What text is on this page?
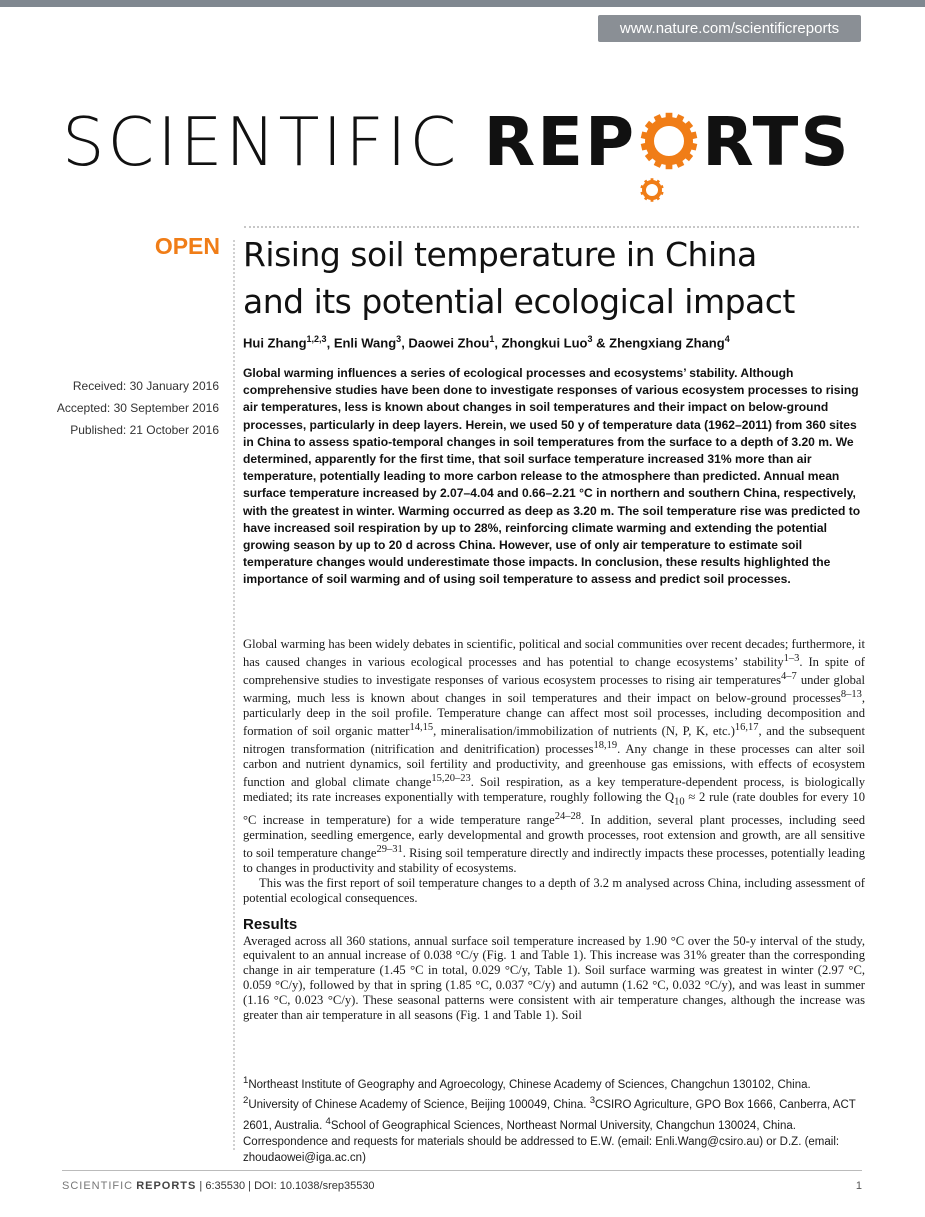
www.nature.com/scientificreports
SCIENTIFIC REP RTS
OPEN Rising soil temperature in China
and its potential ecological impact
Hui Zhang$^{1,2,3}$, Enli Wang$^3$, Daowei Zhou$^1$, Zhongkui Luo$^3$ & Zhengxiang Zhang$^4$
Received: 30 January 2016
Accepted: 30 September 2016
Published: 21 October 2016
Global warming influences a series of ecological processes and ecosystems’ stability. Although comprehensive studies have been done to investigate responses of various ecosystem processes to rising air temperatures, less is known about changes in soil temperatures and their impact on below-ground processes, particularly in deep layers. Herein, we used 50 y of temperature data (1962–2011) from 360 sites in China to assess spatio-temporal changes in soil temperatures from the surface to a depth of 3.20 m. We determined, apparently for the first time, that soil surface temperature increased 31% more than air temperature, potentially leading to more carbon release to the atmosphere than predicted. Annual mean surface temperature increased by 2.07–4.04 and 0.66–2.21 °C in northern and southern China, respectively, with the greatest in winter. Warming occurred as deep as 3.20 m. The soil temperature rise was predicted to have increased soil respiration by up to 28%, reinforcing climate warming and extending the potential growing season by up to 20 d across China. However, use of only air temperature to estimate soil temperature changes would underestimate those impacts. In conclusion, these results highlighted the importance of soil warming and of using soil temperature to assess and predict soil processes.

Global warming has been widely debates in scientific, political and social communities over recent decades; furthermore, it has caused changes in various ecological processes and has potential to change ecosystems’ stability$^{1-3}$. In spite of comprehensive studies to investigate responses of various ecosystem processes to rising air temperatures$^{4-7}$ under global warming, much less is known about changes in soil temperatures and their impact on below-ground processes$^{8-13}$, particularly deep in the soil profile. Temperature change can affect most soil processes, including decomposition and formation of soil organic matter$^{14,15}$, mineralisation/immobilization of nutrients (N, P, K, etc.)$^{16,17}$, and the subsequent nitrogen transformation (nitrification and denitrification) processes$^{18,19}$. Any change in these processes can alter soil carbon and nutrient dynamics, soil fertility and productivity, and greenhouse gas emissions, with effects of ecosystem function and global climate change$^{15,20-23}$. Soil respiration, as a key temperature-dependent process, is biologically mediated; its rate increases exponentially with temperature, roughly following the $Q_{10} \approx 2$ rule (rate doubles for every 10 °C increase in temperature) for a wide temperature range$^{24-28}$. In addition, several plant processes, including seed germination, seedling emergence, early developmental and growth processes, root extension and growth, are all sensitive to soil temperature change$^{29-31}$. Rising soil temperature directly and indirectly impacts these processes, potentially leading to changes in productivity and stability of ecosystems.

This was the first report of soil temperature changes to a depth of 3.2 m analysed across China, including assessment of potential ecological consequences.

Results

Averaged across all 360 stations, annual surface soil temperature increased by 1.90 °C over the 50-y interval of the study, equivalent to an annual increase of 0.038 °C/y (Fig. 1 and Table 1). This increase was 31% greater than the corresponding change in air temperature (1.45 °C in total, 0.029 °C/y, Table 1). Soil surface warming was greatest in winter (2.97 °C, 0.059 °C/y), followed by that in spring (1.85 °C, 0.037 °C/y) and autumn (1.62 °C, 0.032 °C/y), and was least in summer (1.16 °C, 0.023 °C/y). These seasonal patterns were consistent with air temperature changes, although the increase was greater than air temperature in all seasons (Fig. 1 and Table 1). Soil

$^1$Northeast Institute of Geography and Agroecology, Chinese Academy of Sciences, Changchun 130102, China. $^2$University of Chinese Academy of Science, Beijing 100049, China. $^3$CSIRO Agriculture, GPO Box 1666, Canberra, ACT 2601, Australia. $^4$School of Geographical Sciences, Northeast Normal University, Changchun 130024, China. Correspondence and requests for materials should be addressed to E.W. (email: Enli.Wang@csiro.au) or D.Z. (email: zhoudaowei@iga.ac.cn)
SCIENTIFIC REPORTS | 6:35530 | DOI: 10.1038/srep35530	1
